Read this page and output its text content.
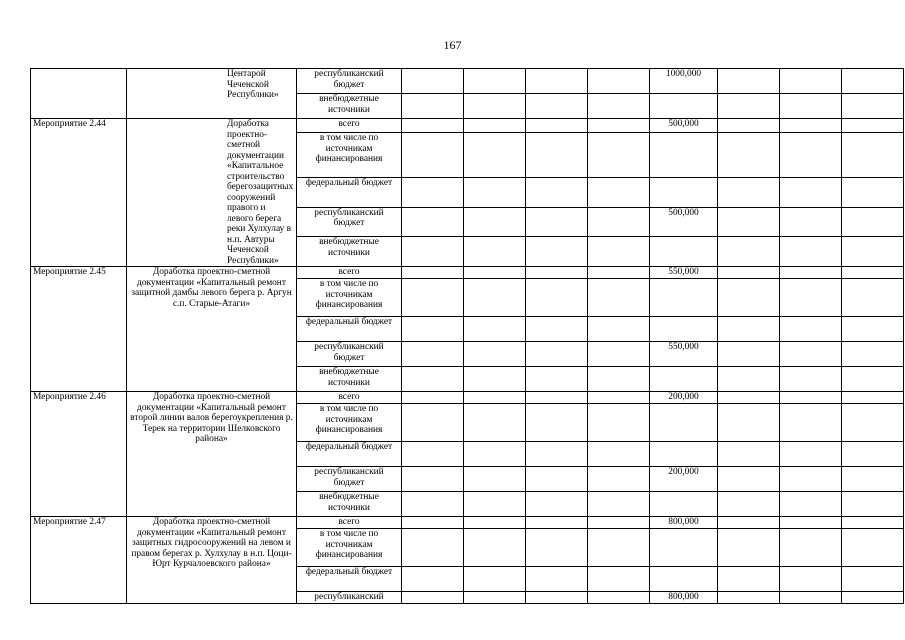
167
	Центарой Чеченской Республики»	республиканский бюджет					1000,000			
		внебюджетные источники								
Мероприятие 2.44	Доработка проектно-сметной документации «Капитальное строительство берегозащитных сооружений правого и левого берега реки Хулхулау в н.п. Автуры Чеченской Республики»	всего					500,000			
		в том числе по источникам финансирования								
		федеральный бюджет								
		республиканский бюджет					500,000			
		внебюджетные источники								
Мероприятие 2.45	Доработка проектно-сметной документации «Капитальный ремонт защитной дамбы левого берега р. Аргун с.п. Старые-Атаги»	всего					550,000			
		в том числе по источникам финансирования								
		федеральный бюджет								
		республиканский бюджет					550,000			
		внебюджетные источники								
Мероприятие 2.46	Доработка проектно-сметной документации «Капитальный ремонт второй линии валов берегоукрепления р. Терек на территории Шелковского района»	всего					200,000			
		в том числе по источникам финансирования								
		федеральный бюджет								
		республиканский бюджет					200,000			
		внебюджетные источники								
Мероприятие 2.47	Доработка проектно-сметной документации «Капитальный ремонт защитных гидросооружений на левом и правом берегах р. Хулхулау в н.п. Цоци-Юрт Курчалоевского района»	всего					800,000			
		в том числе по источникам финансирования								
		федеральный бюджет								
		республиканский					800,000			
